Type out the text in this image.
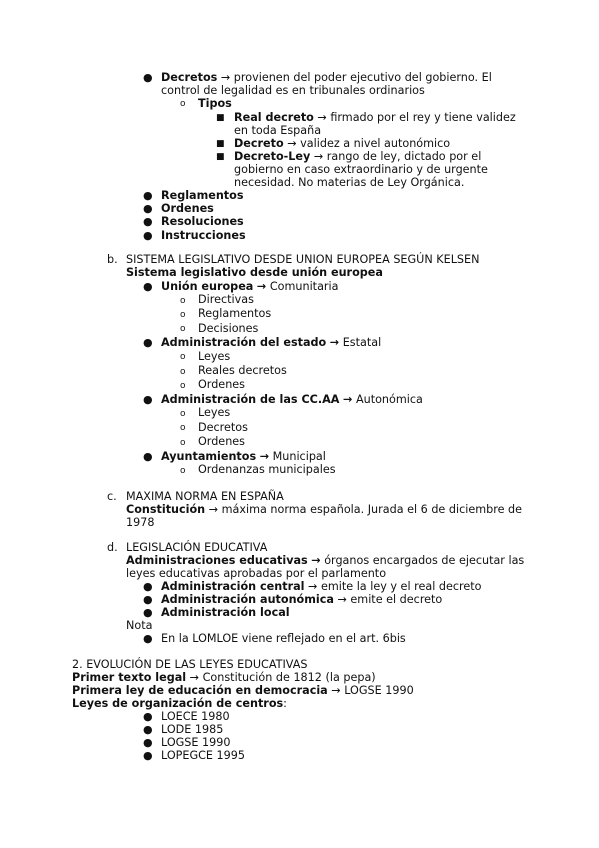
● Decretos → provienen del poder ejecutivo del gobierno. El
control de legalidad es en tribunales ordinarios
o Tipos
■ Real decreto → firmado por el rey y tiene validez
en toda España
■ Decreto → validez a nivel autonómico
■ Decreto-Ley → rango de ley, dictado por el
gobierno en caso extraordinario y de urgente
necesidad. No materias de Ley Orgánica.
● Reglamentos
● Ordenes
● Resoluciones
● Instrucciones
b. SISTEMA LEGISLATIVO DESDE UNION EUROPEA SEGÚN KELSEN
Sistema legislativo desde unión europea
● Unión europea → Comunitaria
o Directivas
o Reglamentos
o Decisiones
● Administración del estado → Estatal
o Leyes
o Reales decretos
o Ordenes
● Administración de las CC.AA → Autonómica
o Leyes
o Decretos
o Ordenes
● Ayuntamientos → Municipal
o Ordenanzas municipales
c. MAXIMA NORMA EN ESPAÑA
Constitución → máxima norma española. Jurada el 6 de diciembre de
1978
d. LEGISLACIÓN EDUCATIVA
Administraciones educativas → órganos encargados de ejecutar las
leyes educativas aprobadas por el parlamento
● Administración central → emite la ley y el real decreto
● Administración autonómica → emite el decreto
● Administración local
Nota
● En la LOMLOE viene reflejado en el art. 6bis
2. EVOLUCIÓN DE LAS LEYES EDUCATIVAS
Primer texto legal → Constitución de 1812 (la pepa)
Primera ley de educación en democracia → LOGSE 1990
Leyes de organización de centros:
● LOECE 1980
● LODE 1985
● LOGSE 1990
● LOPEGCE 1995
